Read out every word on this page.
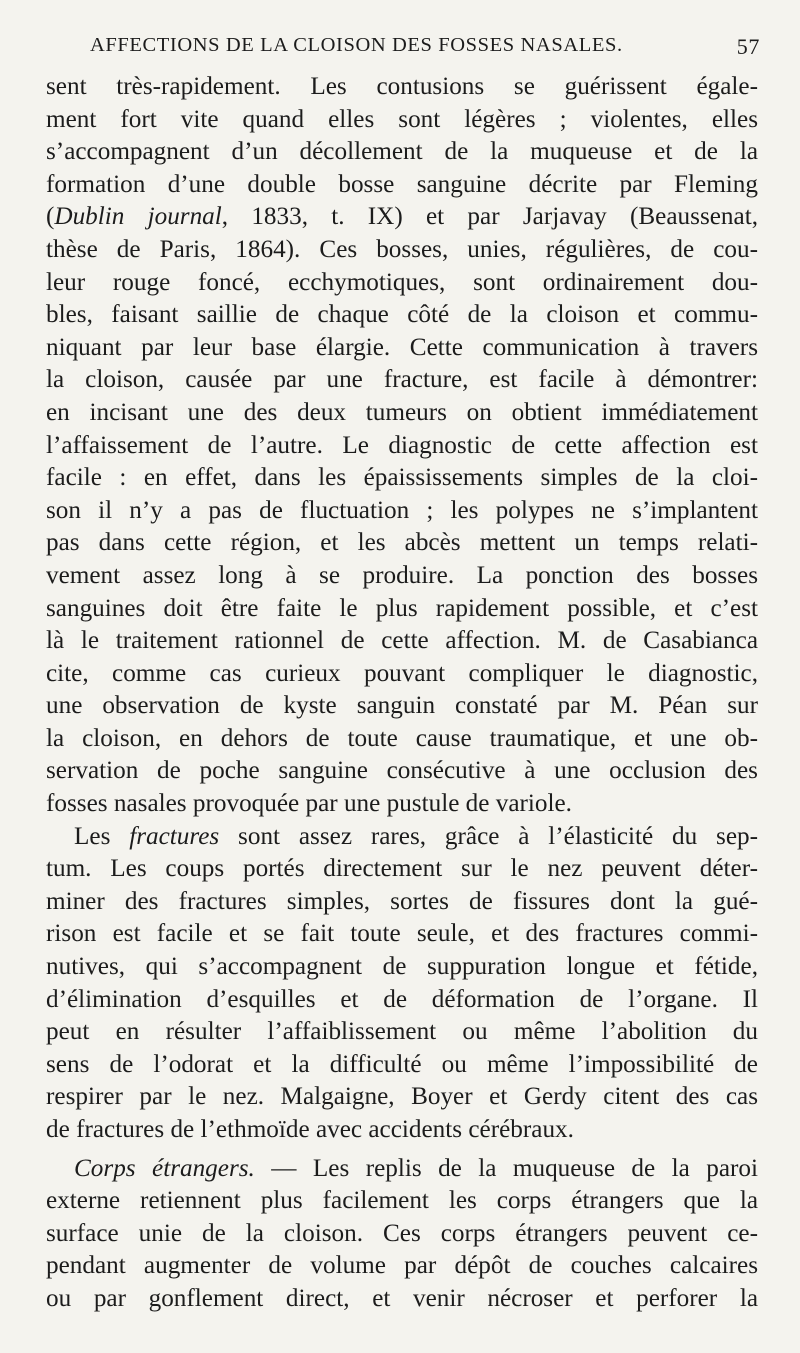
AFFECTIONS DE LA CLOISON DES FOSSES NASALES.	57
sent très-rapidement. Les contusions se guérissent égale-
ment fort vite quand elles sont légères ; violentes, elles
s’accompagnent d’un décollement de la muqueuse et de la
formation d’une double bosse sanguine décrite par Fleming
(Dublin journal, 1833, t. IX) et par Jarjavay (Beaussenat,
thèse de Paris, 1864). Ces bosses, unies, régulières, de cou-
leur rouge foncé, ecchymotiques, sont ordinairement dou-
bles, faisant saillie de chaque côté de la cloison et commu-
niquant par leur base élargie. Cette communication à travers
la cloison, causée par une fracture, est facile à démontrer:
en incisant une des deux tumeurs on obtient immédiatement
l’affaissement de l’autre. Le diagnostic de cette affection est
facile : en effet, dans les épaississements simples de la cloi-
son il n’y a pas de fluctuation ; les polypes ne s’implantent
pas dans cette région, et les abcès mettent un temps relati-
vement assez long à se produire. La ponction des bosses
sanguines doit être faite le plus rapidement possible, et c’est
là le traitement rationnel de cette affection. M. de Casabianca
cite, comme cas curieux pouvant compliquer le diagnostic,
une observation de kyste sanguin constaté par M. Péan sur
la cloison, en dehors de toute cause traumatique, et une ob-
servation de poche sanguine consécutive à une occlusion des
fosses nasales provoquée par une pustule de variole.
Les fractures sont assez rares, grâce à l’élasticité du sep-
tum. Les coups portés directement sur le nez peuvent déter-
miner des fractures simples, sortes de fissures dont la gué-
rison est facile et se fait toute seule, et des fractures commi-
nutives, qui s’accompagnent de suppuration longue et fétide,
d’élimination d’esquilles et de déformation de l’organe. Il
peut en résulter l’affaiblissement ou même l’abolition du
sens de l’odorat et la difficulté ou même l’impossibilité de
respirer par le nez. Malgaigne, Boyer et Gerdy citent des cas
de fractures de l’ethmoïde avec accidents cérébraux.
Corps étrangers. — Les replis de la muqueuse de la paroi
externe retiennent plus facilement les corps étrangers que la
surface unie de la cloison. Ces corps étrangers peuvent ce-
pendant augmenter de volume par dépôt de couches calcaires
ou par gonflement direct, et venir nécroser et perforer la
